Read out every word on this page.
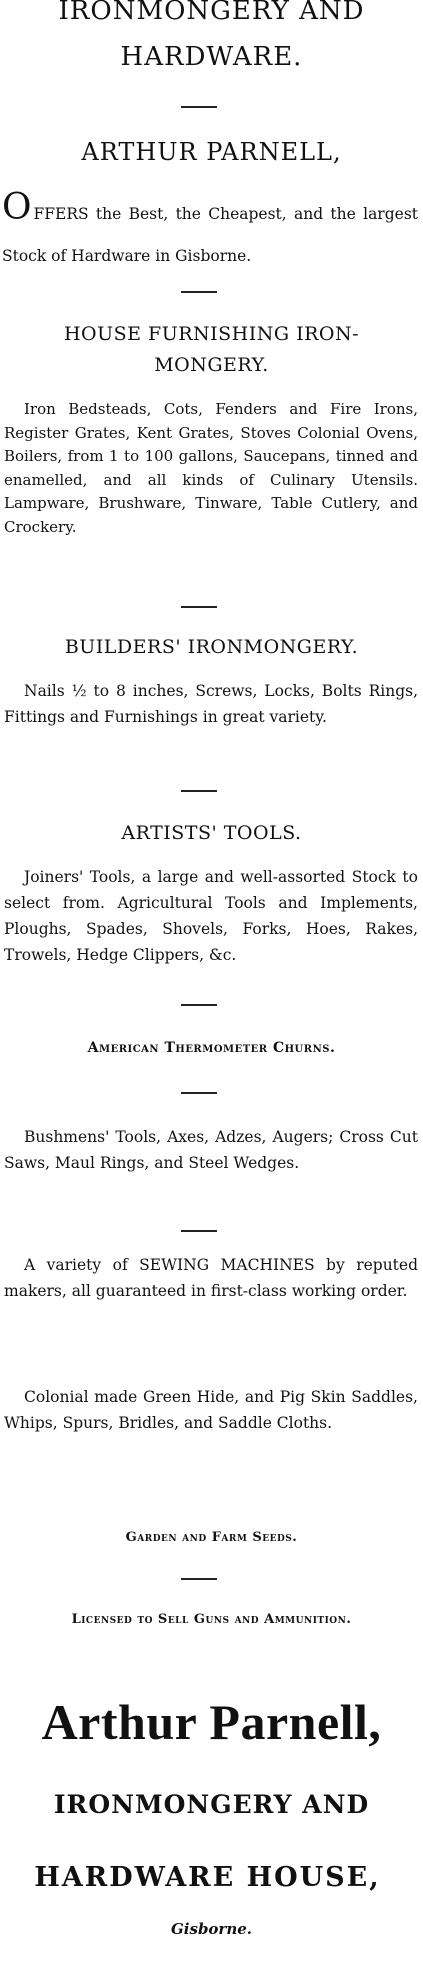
IRONMONGERY AND
HARDWARE.
ARTHUR PARNELL,
OFFERS the Best, the Cheapest, and the largest Stock of Hardware in Gisborne.
HOUSE FURNISHING IRON-
MONGERY.
Iron Bedsteads, Cots, Fenders and Fire Irons, Register Grates, Kent Grates, Stoves Colonial Ovens, Boilers, from 1 to 100 gallons, Saucepans, tinned and enamelled, and all kinds of Culinary Utensils. Lampware, Brushware, Tinware, Table Cutlery, and Crockery.
BUILDERS' IRONMONGERY.
Nails ½ to 8 inches, Screws, Locks, Bolts Rings, Fittings and Furnishings in great variety.
ARTISTS' TOOLS.
Joiners' Tools, a large and well-assorted Stock to select from. Agricultural Tools and Implements, Ploughs, Spades, Shovels, Forks, Hoes, Rakes, Trowels, Hedge Clippers, &c.
American Thermometer Churns.
Bushmens' Tools, Axes, Adzes, Augers; Cross Cut Saws, Maul Rings, and Steel Wedges.
A variety of SEWING MACHINES by reputed makers, all guaranteed in first-class working order.
Colonial made Green Hide, and Pig Skin Saddles, Whips, Spurs, Bridles, and Saddle Cloths.
Garden and Farm Seeds.
Licensed to Sell Guns and Ammunition.
Arthur Parnell,
IRONMONGERY AND
HARDWARE HOUSE,
Gisborne.
